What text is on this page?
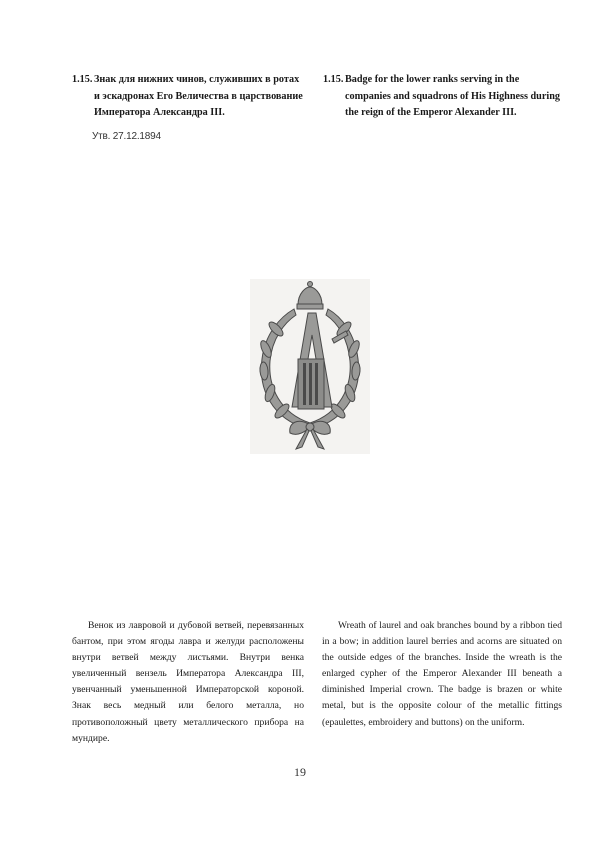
1.15. Знак для нижних чинов, служивших в ротах и эскадронах Его Величества в царствование Императора Александра III.
1.15. Badge for the lower ranks serving in the companies and squadrons of His Highness during the reign of the Emperor Alexander III.
Утв. 27.12.1894

Венок из лавровой и дубовой ветвей, перевязанных бантом, при этом ягоды лавра и желуди расположены внутри ветвей между листьями. Внутри венка увеличенный вензель Императора Александра III, увенчанный уменьшенной Императорской короной. Знак весь медный или белого металла, но противоположный цвету металлического прибора на мундире.

Wreath of laurel and oak branches bound by a ribbon tied in a bow; in addition laurel berries and acorns are situated on the outside edges of the branches. Inside the wreath is the enlarged cypher of the Emperor Alexander III beneath a diminished Imperial crown. The badge is brazen or white metal, but is the opposite colour of the metallic fittings (epaulettes, embroidery and buttons) on the uniform.

19
